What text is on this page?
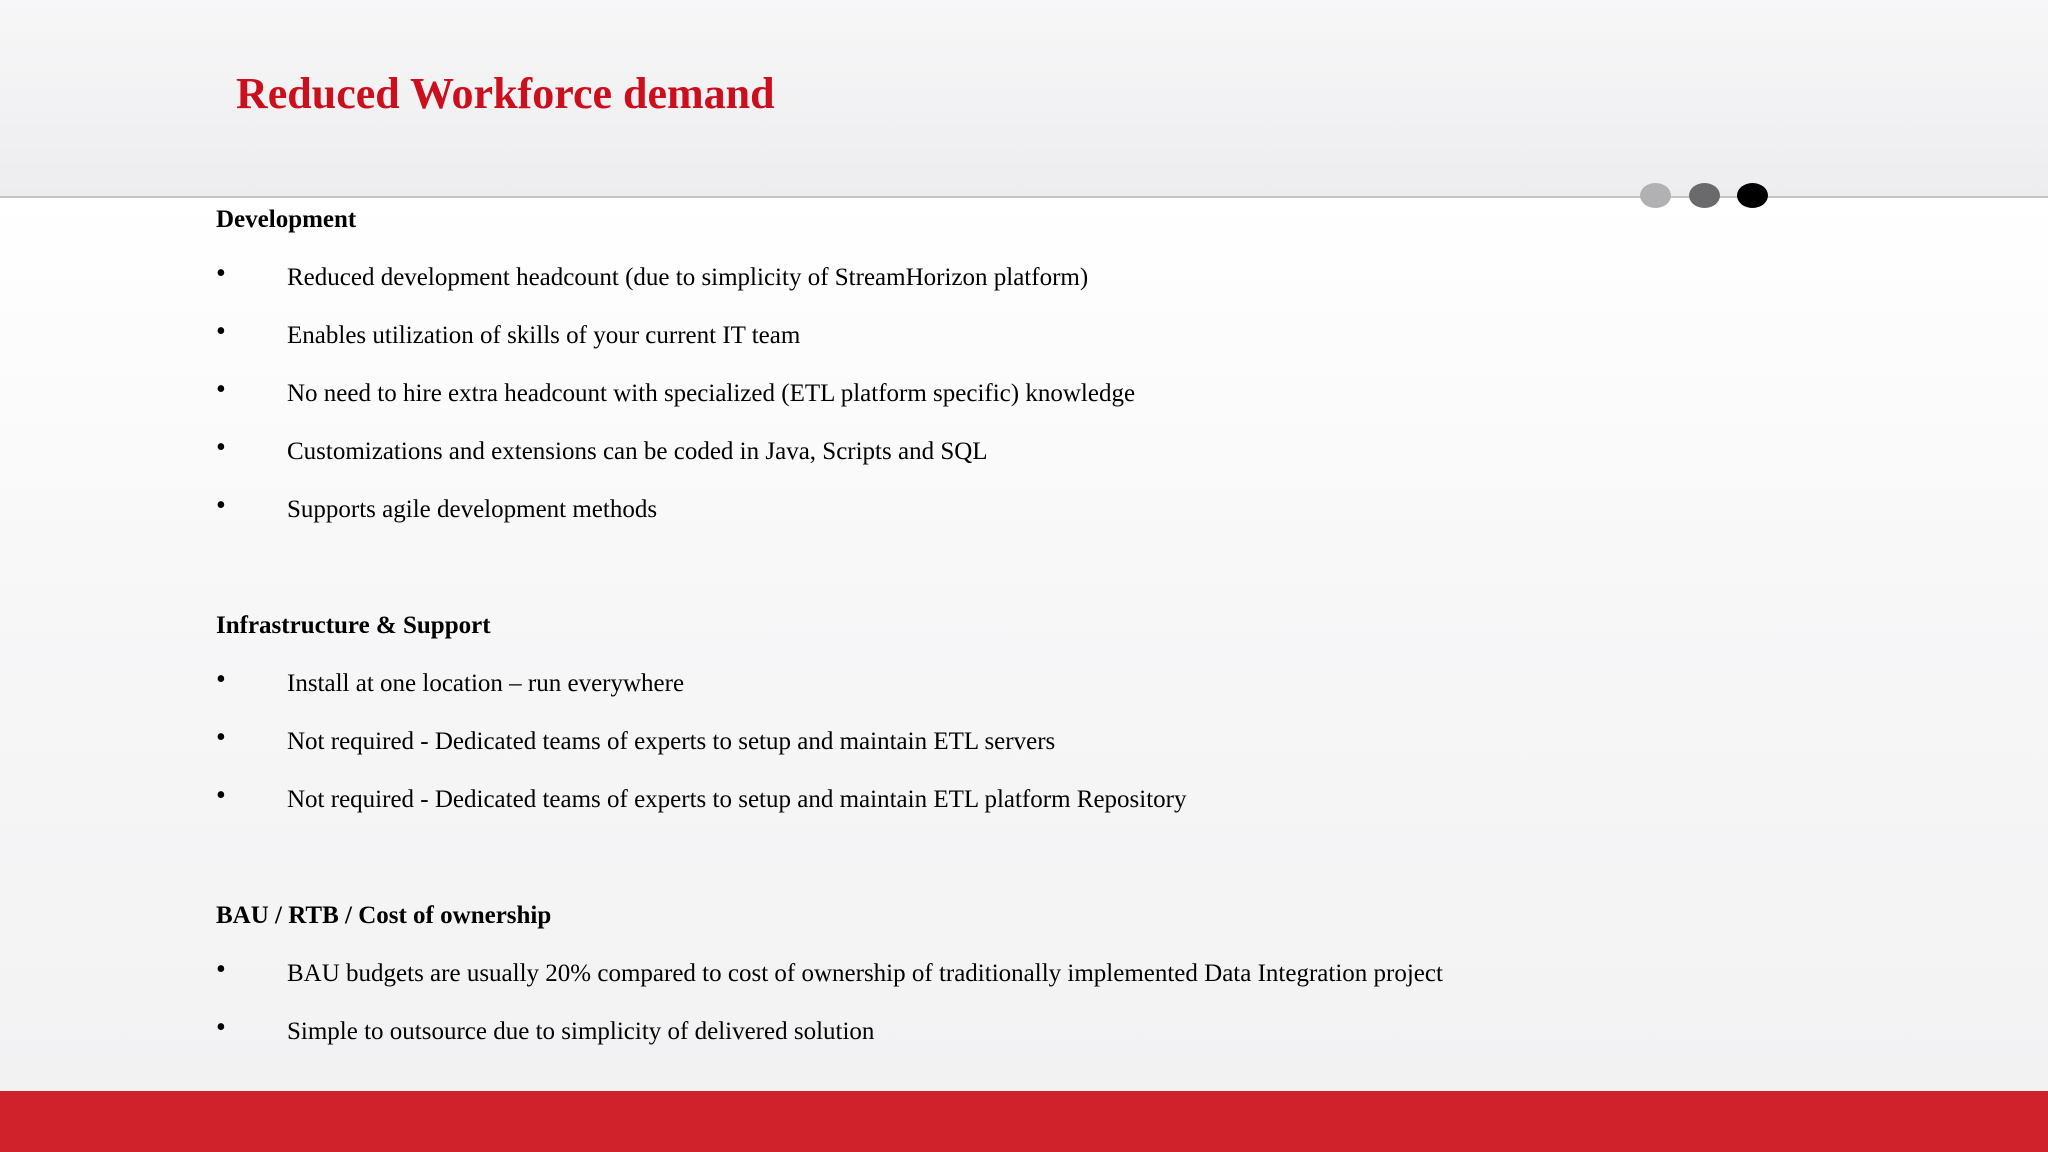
Reduced Workforce demand
Development
• Reduced development headcount (due to simplicity of StreamHorizon platform)
• Enables utilization of skills of your current IT team
• No need to hire extra headcount with specialized (ETL platform specific) knowledge
• Customizations and extensions can be coded in Java, Scripts and SQL
• Supports agile development methods
Infrastructure & Support
• Install at one location – run everywhere
• Not required - Dedicated teams of experts to setup and maintain ETL servers
• Not required - Dedicated teams of experts to setup and maintain ETL platform Repository
BAU / RTB / Cost of ownership
• BAU budgets are usually 20% compared to cost of ownership of traditionally implemented Data Integration project
• Simple to outsource due to simplicity of delivered solution
